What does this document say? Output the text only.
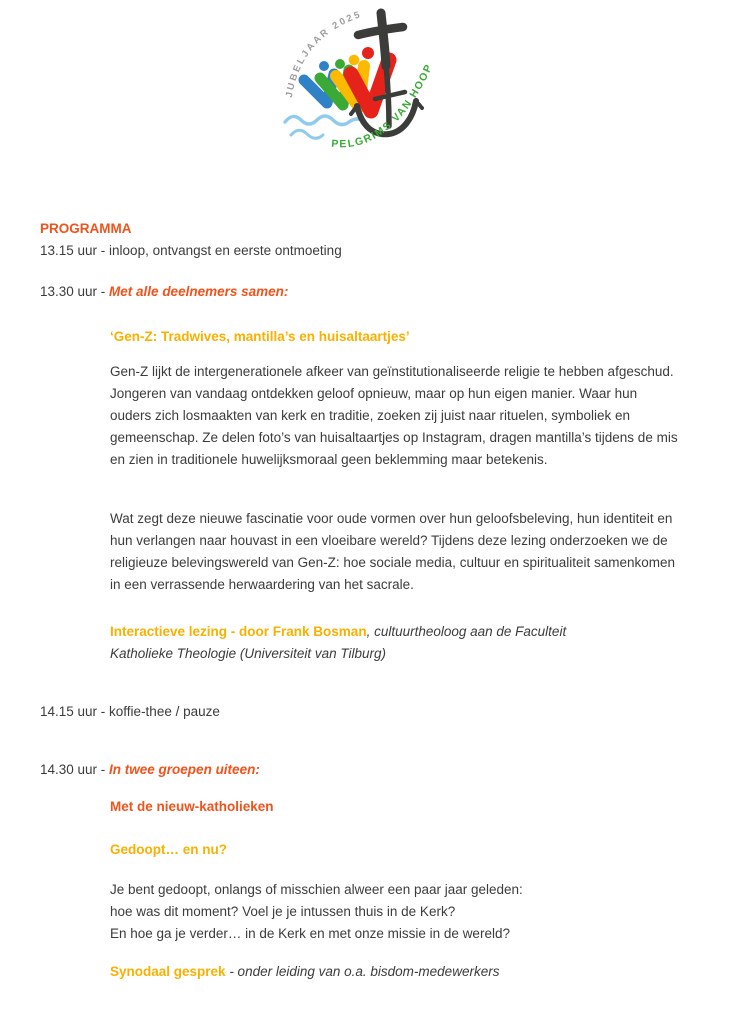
JUBELJAAR 2025
PELGRIMS VAN HOOP
PROGRAMMA
13.15 uur - inloop, ontvangst en eerste ontmoeting
13.30 uur - Met alle deelnemers samen:
‘Gen-Z: Tradwives, mantilla’s en huisaltaartjes’
Gen-Z lijkt de intergenerationele afkeer van geïnstitutionaliseerde religie te hebben afgeschud. Jongeren van vandaag ontdekken geloof opnieuw, maar op hun eigen manier. Waar hun ouders zich losmaakten van kerk en traditie, zoeken zij juist naar rituelen, symboliek en gemeenschap. Ze delen foto’s van huisaltaartjes op Instagram, dragen mantilla’s tijdens de mis en zien in traditionele huwelijksmoraal geen beklemming maar betekenis.
Wat zegt deze nieuwe fascinatie voor oude vormen over hun geloofsbeleving, hun identiteit en hun verlangen naar houvast in een vloeibare wereld? Tijdens deze lezing onderzoeken we de religieuze belevingswereld van Gen-Z: hoe sociale media, cultuur en spiritualiteit samenkomen in een verrassende herwaardering van het sacrale.
Interactieve lezing - door Frank Bosman, cultuurtheoloog aan de Faculteit
Katholieke Theologie (Universiteit van Tilburg)
14.15 uur - koffie-thee / pauze
14.30 uur - In twee groepen uiteen:
Met de nieuw-katholieken
Gedoopt… en nu?
Je bent gedoopt, onlangs of misschien alweer een paar jaar geleden:
hoe was dit moment? Voel je je intussen thuis in de Kerk?
En hoe ga je verder… in de Kerk en met onze missie in de wereld?
Synodaal gesprek - onder leiding van o.a. bisdom-medewerkers
